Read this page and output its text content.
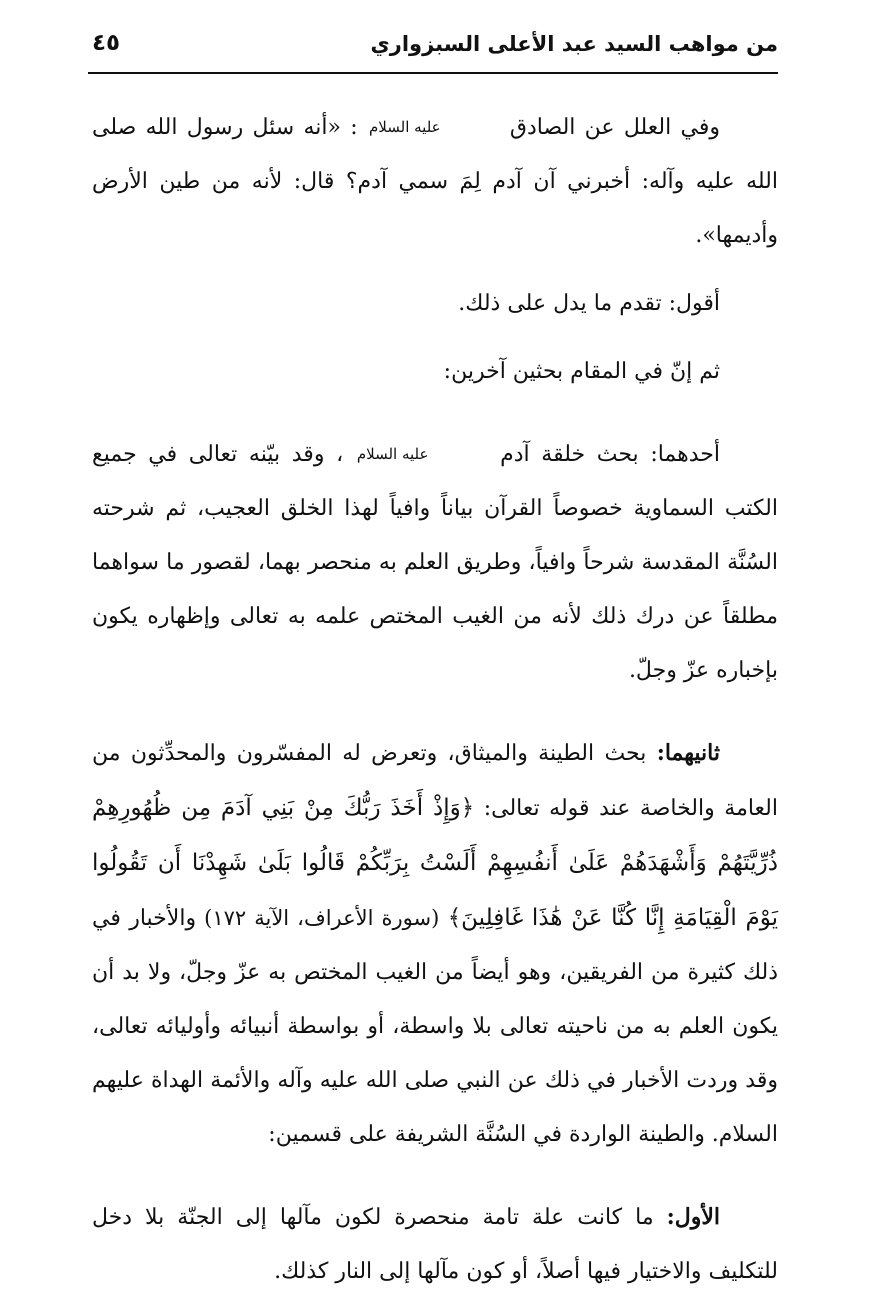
من مواهب السيد عبد الأعلى السبزواري
٤٥

وفي العلل عن الصادق عليه السلام : «أنه سئل رسول الله صلى الله عليه وآله: أخبرني آن آدم لِمَ سمي آدم؟ قال: لأنه من طين الأرض وأديمها».

أقول: تقدم ما يدل على ذلك.

ثم إنّ في المقام بحثين آخرين:

أحدهما: بحث خلقة آدم عليه السلام ، وقد بيّنه تعالى في جميع الكتب السماوية خصوصاً القرآن بياناً وافياً لهذا الخلق العجيب، ثم شرحته السُنَّة المقدسة شرحاً وافياً، وطريق العلم به منحصر بهما، لقصور ما سواهما مطلقاً عن درك ذلك لأنه من الغيب المختص علمه به تعالى وإظهاره يكون بإخباره عزّ وجلّ.

ثانيهما: بحث الطينة والميثاق، وتعرض له المفسّرون والمحدِّثون من العامة والخاصة عند قوله تعالى: ﴿وَإِذْ أَخَذَ رَبُّكَ مِنْ بَنِي آدَمَ مِن ظُهُورِهِمْ ذُرِّيَّتَهُمْ وَأَشْهَدَهُمْ عَلَىٰ أَنفُسِهِمْ أَلَسْتُ بِرَبِّكُمْ قَالُوا بَلَىٰ شَهِدْنَا أَن تَقُولُوا يَوْمَ الْقِيَامَةِ إِنَّا كُنَّا عَنْ هَٰذَا غَافِلِينَ﴾ (سورة الأعراف، الآية ١٧٢) والأخبار في ذلك كثيرة من الفريقين، وهو أيضاً من الغيب المختص به عزّ وجلّ، ولا بد أن يكون العلم به من ناحيته تعالى بلا واسطة، أو بواسطة أنبيائه وأوليائه تعالى، وقد وردت الأخبار في ذلك عن النبي صلى الله عليه وآله والأئمة الهداة عليهم السلام. والطينة الواردة في السُنَّة الشريفة على قسمين:

الأول: ما كانت علة تامة منحصرة لكون مآلها إلى الجنّة بلا دخل للتكليف والاختيار فيها أصلاً، أو كون مآلها إلى النار كذلك.
